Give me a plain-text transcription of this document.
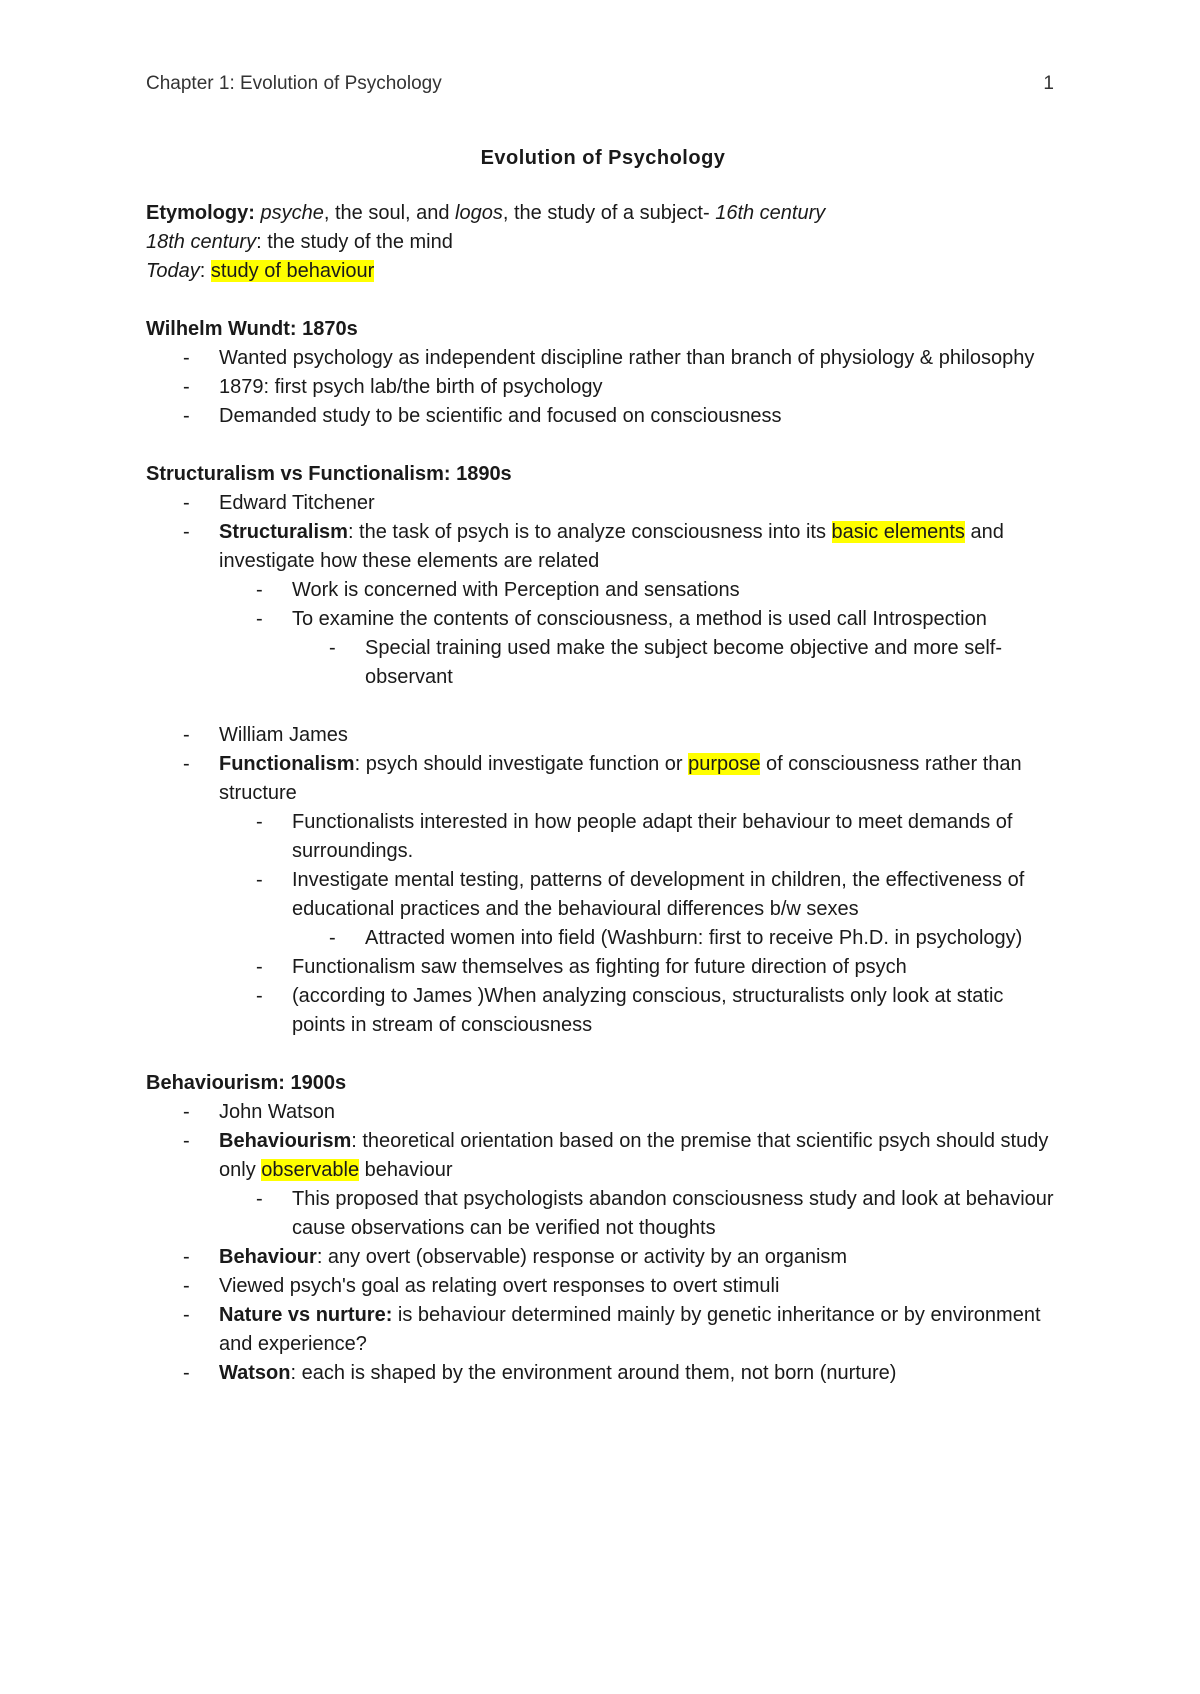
Chapter 1: Evolution of Psychology	1

Evolution of Psychology

Etymology: psyche, the soul, and logos, the study of a subject- 16th century

18th century: the study of the mind

Today: study of behaviour

Wilhelm Wundt: 1870s

- Wanted psychology as independent discipline rather than branch of physiology & philosophy
- 1879: first psych lab/the birth of psychology
- Demanded study to be scientific and focused on consciousness

Structuralism vs Functionalism: 1890s

- Edward Titchener
- Structuralism: the task of psych is to analyze consciousness into its basic elements and investigate how these elements are related
- Work is concerned with Perception and sensations
- To examine the contents of consciousness, a method is used call Introspection
- Special training used make the subject become objective and more self-observant
- William James
- Functionalism: psych should investigate function or purpose of consciousness rather than structure
- Functionalists interested in how people adapt their behaviour to meet demands of surroundings.
- Investigate mental testing, patterns of development in children, the effectiveness of educational practices and the behavioural differences b/w sexes
- Attracted women into field (Washburn: first to receive Ph.D. in psychology)
- Functionalism saw themselves as fighting for future direction of psych
- (according to James )When analyzing conscious, structuralists only look at static points in stream of consciousness

Behaviourism: 1900s

- John Watson
- Behaviourism: theoretical orientation based on the premise that scientific psych should study only observable behaviour
- This proposed that psychologists abandon consciousness study and look at behaviour cause observations can be verified not thoughts
- Behaviour: any overt (observable) response or activity by an organism
- Viewed psych's goal as relating overt responses to overt stimuli
- Nature vs nurture: is behaviour determined mainly by genetic inheritance or by environment and experience?
- Watson: each is shaped by the environment around them, not born (nurture)
